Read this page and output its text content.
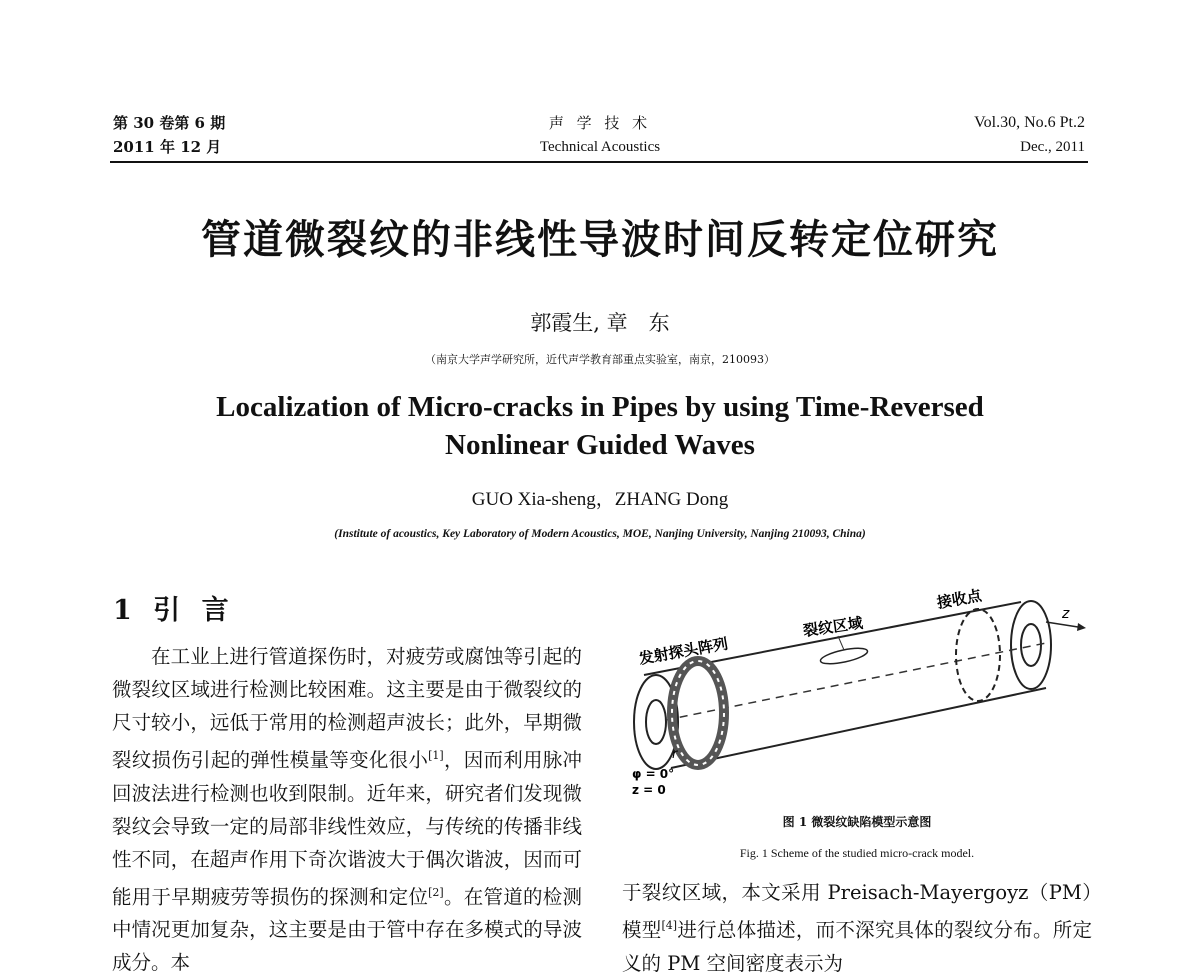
第 30 卷第 6 期
2011 年 12 月
声 学 技 术
Technical Acoustics
Vol.30, No.6 Pt.2
Dec., 2011
管道微裂纹的非线性导波时间反转定位研究
郭霞生, 章　东
（南京大学声学研究所，近代声学教育部重点实验室，南京，210093）
Localization of Micro-cracks in Pipes by using Time-Reversed
Nonlinear Guided Waves
GUO Xia-sheng，ZHANG Dong
(Institute of acoustics, Key Laboratory of Modern Acoustics, MOE, Nanjing University, Nanjing 210093, China)
1 引 言

在工业上进行管道探伤时，对疲劳或腐蚀等引起的微裂纹区域进行检测比较困难。这主要是由于微裂纹的尺寸较小，远低于常用的检测超声波长；此外，早期微裂纹损伤引起的弹性模量等变化很小[1]，因而利用脉冲回波法进行检测也收到限制。近年来，研究者们发现微裂纹会导致一定的局部非线性效应，与传统的传播非线性不同，在超声作用下奇次谐波大于偶次谐波，因而可能用于早期疲劳等损伤的探测和定位[2]。在管道的检测中情况更加复杂，这主要是由于管中存在多模式的导波成分。本

发射探头阵列
裂纹区域
接收点
z
r
φ = 0°
z = 0
图 1 微裂纹缺陷模型示意图
Fig. 1 Scheme of the studied micro-crack model.

于裂纹区域，本文采用 Preisach-Mayergoyz（PM）模型[4]进行总体描述，而不深究具体的裂纹分布。所定义的 PM 空间密度表示为
